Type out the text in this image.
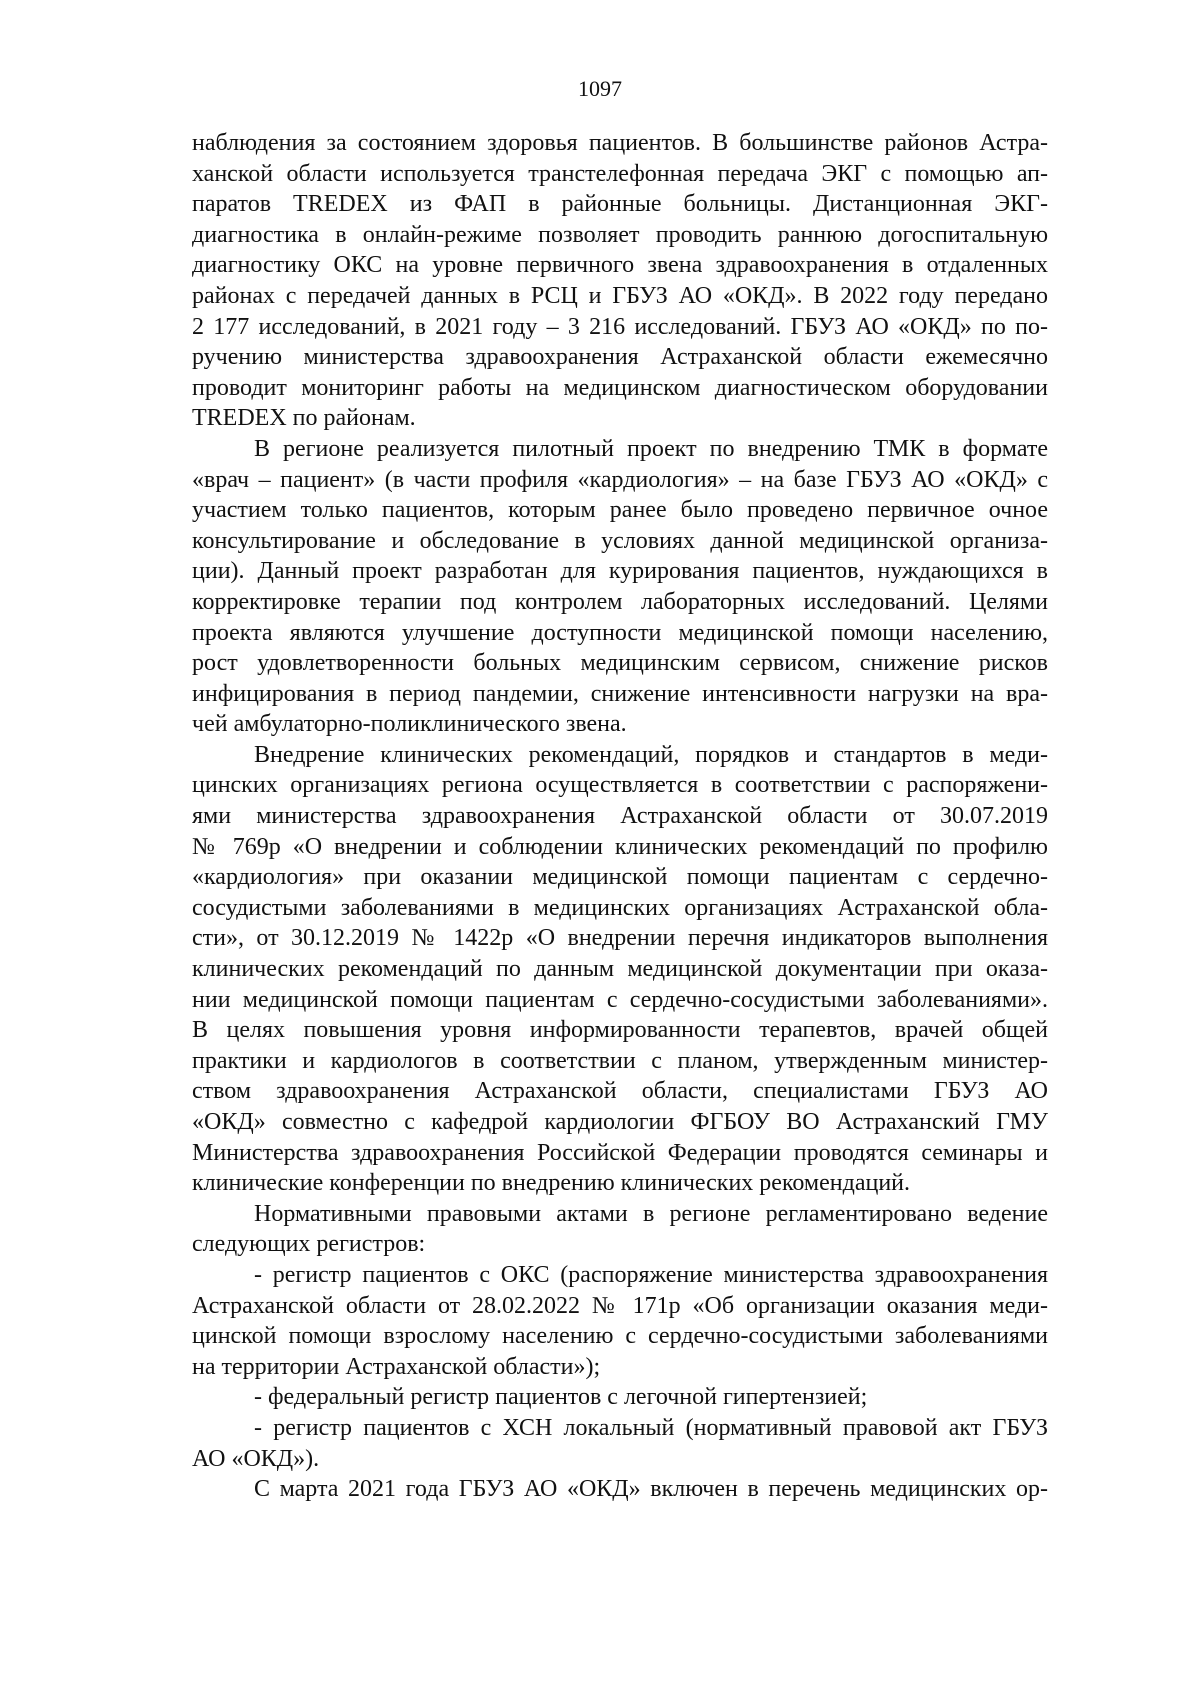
1097
наблюдения за состоянием здоровья пациентов. В большинстве районов Астра-
ханской области используется транстелефонная передача ЭКГ с помощью ап-
паратов TREDEX из ФАП в районные больницы. Дистанционная ЭКГ-
диагностика в онлайн-режиме позволяет проводить раннюю догоспитальную
диагностику ОКС на уровне первичного звена здравоохранения в отдаленных
районах с передачей данных в РСЦ и ГБУЗ АО «ОКД». В 2022 году передано
2 177 исследований, в 2021 году – 3 216 исследований. ГБУЗ АО «ОКД» по по-
ручению министерства здравоохранения Астраханской области ежемесячно
проводит мониторинг работы на медицинском диагностическом оборудовании
TREDEX по районам.
В регионе реализуется пилотный проект по внедрению ТМК в формате
«врач – пациент» (в части профиля «кардиология» – на базе ГБУЗ АО «ОКД» с
участием только пациентов, которым ранее было проведено первичное очное
консультирование и обследование в условиях данной медицинской организа-
ции). Данный проект разработан для курирования пациентов, нуждающихся в
корректировке терапии под контролем лабораторных исследований. Целями
проекта являются улучшение доступности медицинской помощи населению,
рост удовлетворенности больных медицинским сервисом, снижение рисков
инфицирования в период пандемии, снижение интенсивности нагрузки на вра-
чей амбулаторно-поликлинического звена.
Внедрение клинических рекомендаций, порядков и стандартов в меди-
цинских организациях региона осуществляется в соответствии с распоряжени-
ями министерства здравоохранения Астраханской области от 30.07.2019
№ 769р «О внедрении и соблюдении клинических рекомендаций по профилю
«кардиология» при оказании медицинской помощи пациентам с сердечно-
сосудистыми заболеваниями в медицинских организациях Астраханской обла-
сти», от 30.12.2019 № 1422р «О внедрении перечня индикаторов выполнения
клинических рекомендаций по данным медицинской документации при оказа-
нии медицинской помощи пациентам с сердечно-сосудистыми заболеваниями».
В целях повышения уровня информированности терапевтов, врачей общей
практики и кардиологов в соответствии с планом, утвержденным министер-
ством здравоохранения Астраханской области, специалистами ГБУЗ АО
«ОКД» совместно с кафедрой кардиологии ФГБОУ ВО Астраханский ГМУ
Министерства здравоохранения Российской Федерации проводятся семинары и
клинические конференции по внедрению клинических рекомендаций.
Нормативными правовыми актами в регионе регламентировано ведение
следующих регистров:
- регистр пациентов с ОКС (распоряжение министерства здравоохранения
Астраханской области от 28.02.2022 № 171р «Об организации оказания меди-
цинской помощи взрослому населению с сердечно-сосудистыми заболеваниями
на территории Астраханской области»);
- федеральный регистр пациентов с легочной гипертензией;
- регистр пациентов с ХСН локальный (нормативный правовой акт ГБУЗ
АО «ОКД»).
С марта 2021 года ГБУЗ АО «ОКД» включен в перечень медицинских ор-
